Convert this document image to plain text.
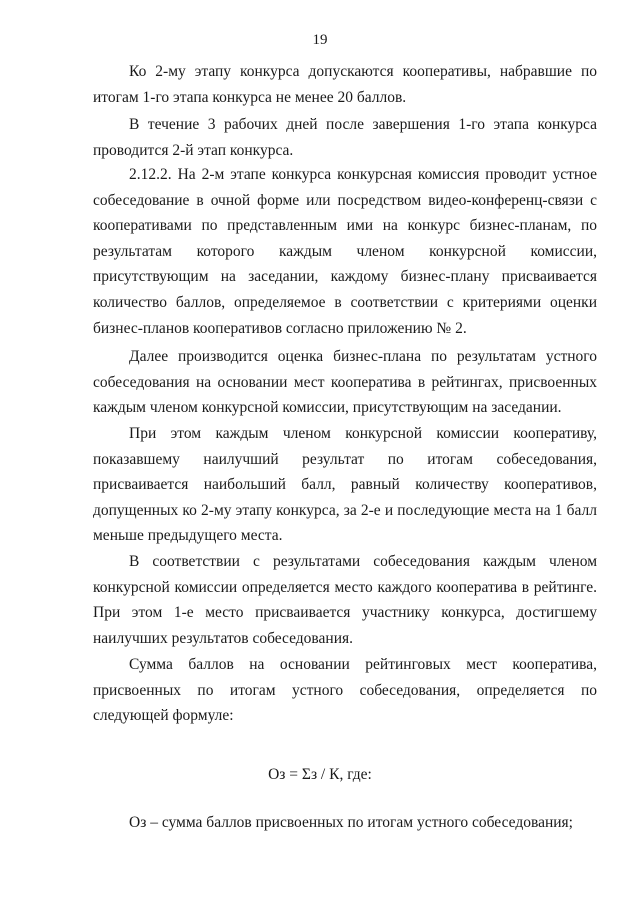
19

Ко 2-му этапу конкурса допускаются кооперативы, набравшие по итогам 1-го этапа конкурса не менее 20 баллов.

В течение 3 рабочих дней после завершения 1-го этапа конкурса проводится 2-й этап конкурса.

2.12.2. На 2-м этапе конкурса конкурсная комиссия проводит устное собеседование в очной форме или посредством видео-конференц-связи с кооперативами по представленным ими на конкурс бизнес-планам, по результатам которого каждым членом конкурсной комиссии, присутствующим на заседании, каждому бизнес-плану присваивается количество баллов, определяемое в соответствии с критериями оценки бизнес-планов кооперативов согласно приложению № 2.

Далее производится оценка бизнес-плана по результатам устного собеседования на основании мест кооператива в рейтингах, присвоенных каждым членом конкурсной комиссии, присутствующим на заседании.

При этом каждым членом конкурсной комиссии кооперативу, показавшему наилучший результат по итогам собеседования, присваивается наибольший балл, равный количеству кооперативов, допущенных ко 2-му этапу конкурса, за 2-е и последующие места на 1 балл меньше предыдущего места.

В соответствии с результатами собеседования каждым членом конкурсной комиссии определяется место каждого кооператива в рейтинге. При этом 1-е место присваивается участнику конкурса, достигшему наилучших результатов собеседования.

Сумма баллов на основании рейтинговых мест кооператива, присвоенных по итогам устного собеседования, определяется по следующей формуле:

Оз = Σз / К, где:
Оз – сумма баллов присвоенных по итогам устного собеседования;
